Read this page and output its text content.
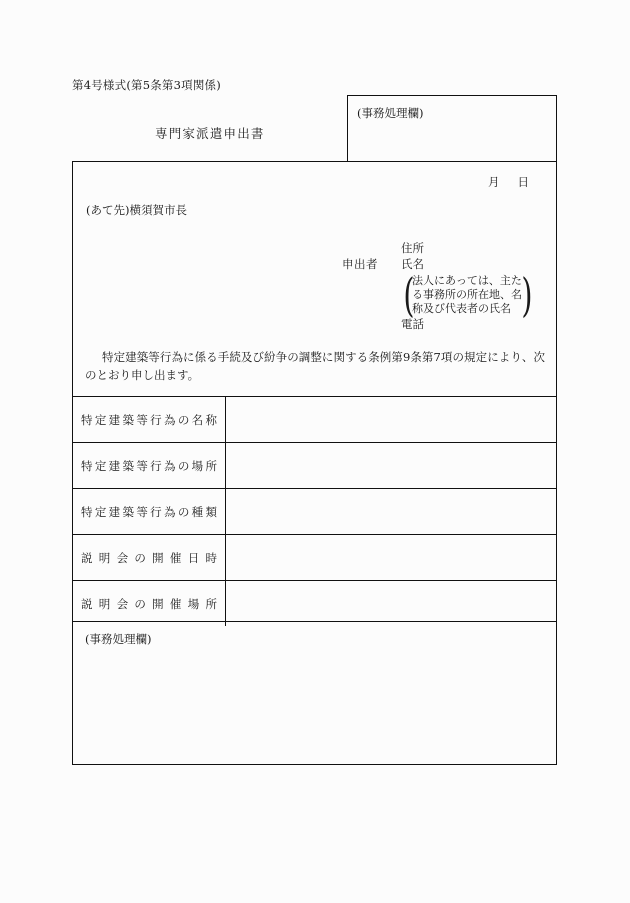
第4号様式(第5条第3項関係)
専門家派遣申出書
(事務処理欄)
月 日
(あて先)横須賀市長
住所
申出者 氏名
(
法人にあっては、主た
る事務所の所在地、名
称及び代表者の氏名 )
電話
特定建築等行為に係る手続及び紛争の調整に関する条例第9条第7項の規定により、次のとおり申し出ます。
特定建築等行為の名称
特定建築等行為の場所
特定建築等行為の種類
説明会の開催日時
説明会の開催場所
(事務処理欄)
